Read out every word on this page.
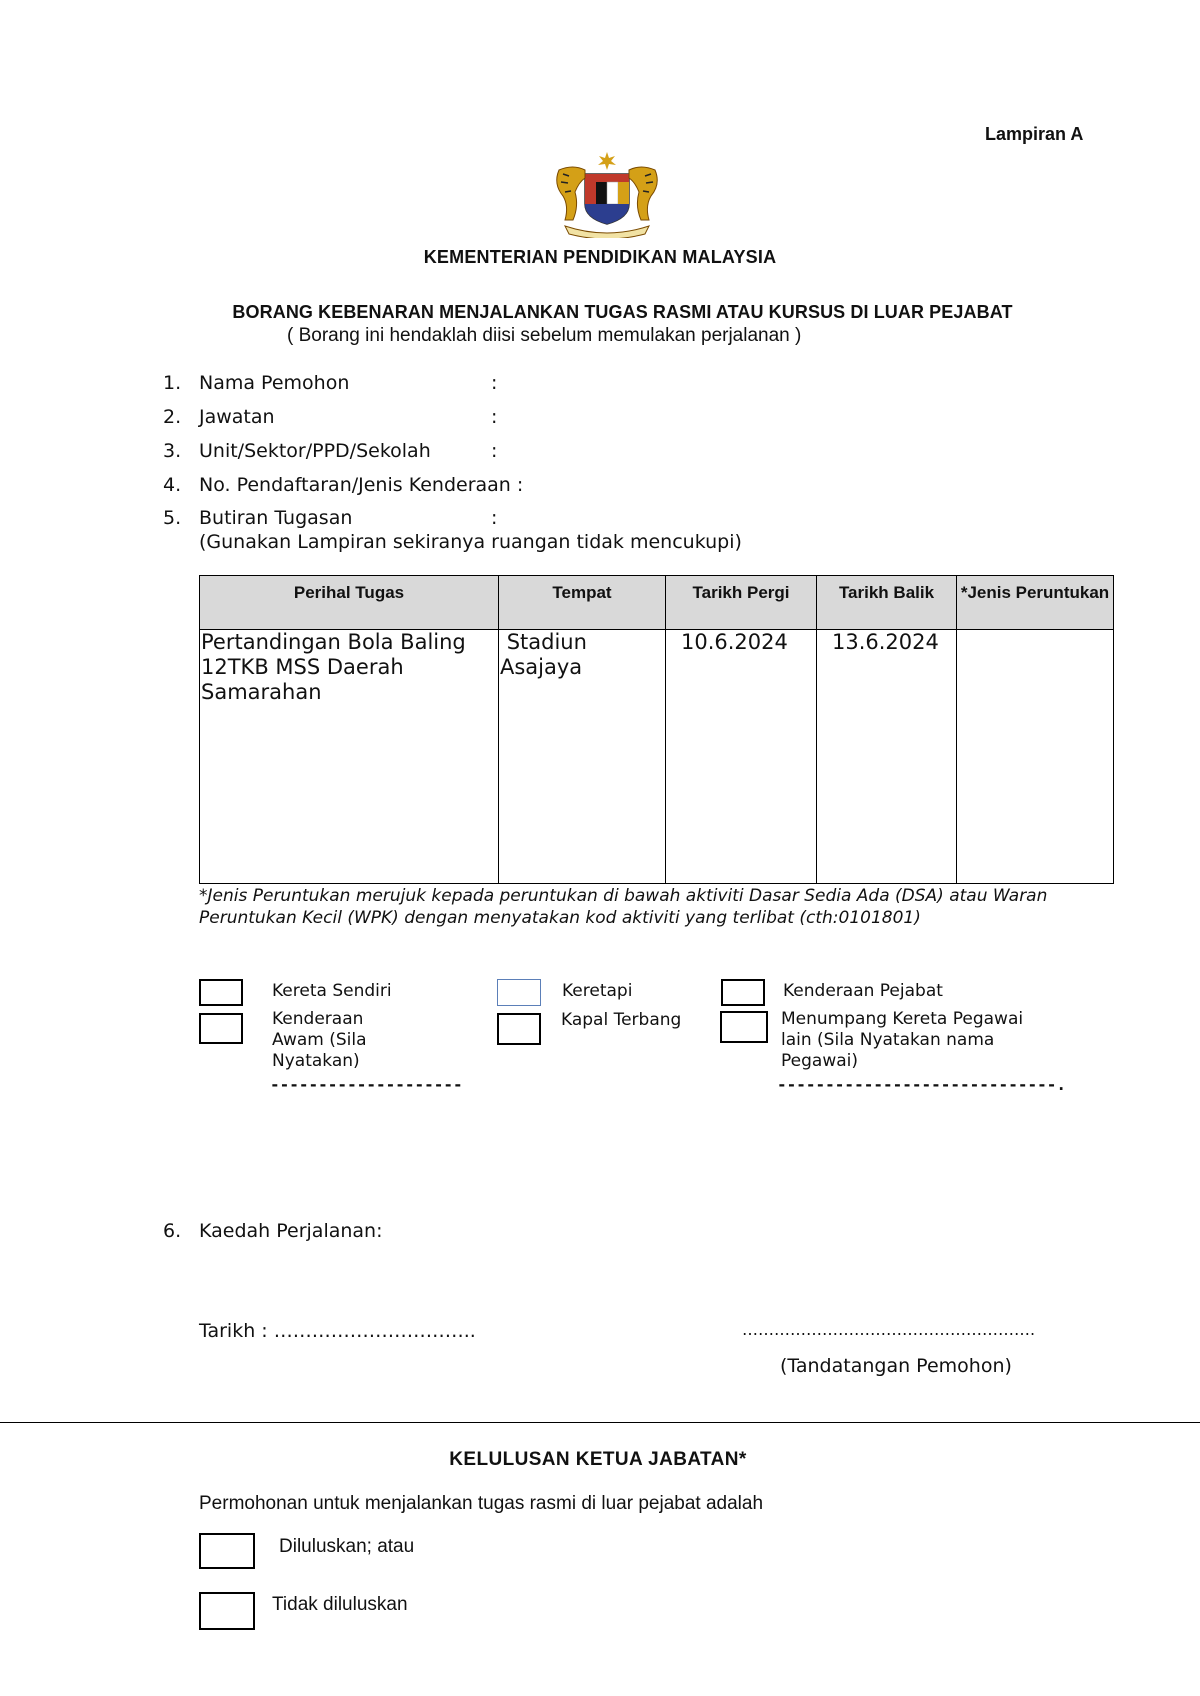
Lampiran A
KEMENTERIAN PENDIDIKAN MALAYSIA
BORANG KEBENARAN MENJALANKAN TUGAS RASMI ATAU KURSUS DI LUAR PEJABAT
( Borang ini hendaklah diisi sebelum memulakan perjalanan )
1. Nama Pemohon	:
2. Jawatan	:
3. Unit/Sektor/PPD/Sekolah	:
4. No. Pendaftaran/Jenis Kenderaan :
5. Butiran Tugasan	:
(Gunakan Lampiran sekiranya ruangan tidak mencukupi)
Perihal Tugas	Tempat	Tarikh Pergi	Tarikh Balik	*Jenis Peruntukan
Pertandingan Bola Baling 12TKB MSS Daerah Samarahan	Stadiun Asajaya	10.6.2024	13.6.2024	
*Jenis Peruntukan merujuk kepada peruntukan di bawah aktiviti Dasar Sedia Ada (DSA) atau Waran Peruntukan Kecil (WPK) dengan menyatakan kod aktiviti yang terlibat (cth:0101801)
Kereta Sendiri	Keretapi	Kenderaan Pejabat
Kenderaan Awam (Sila Nyatakan)
Kapal Terbang	Menumpang Kereta Pegawai lain (Sila Nyatakan nama Pegawai)
--------------------	-----------------------------.
6. Kaedah Perjalanan:
Tarikh : …………………………..	……………………………………………….
(Tandatangan Pemohon)
KELULUSAN KETUA JABATAN*
Permohonan untuk menjalankan tugas rasmi di luar pejabat adalah
Diluluskan; atau
Tidak diluluskan
